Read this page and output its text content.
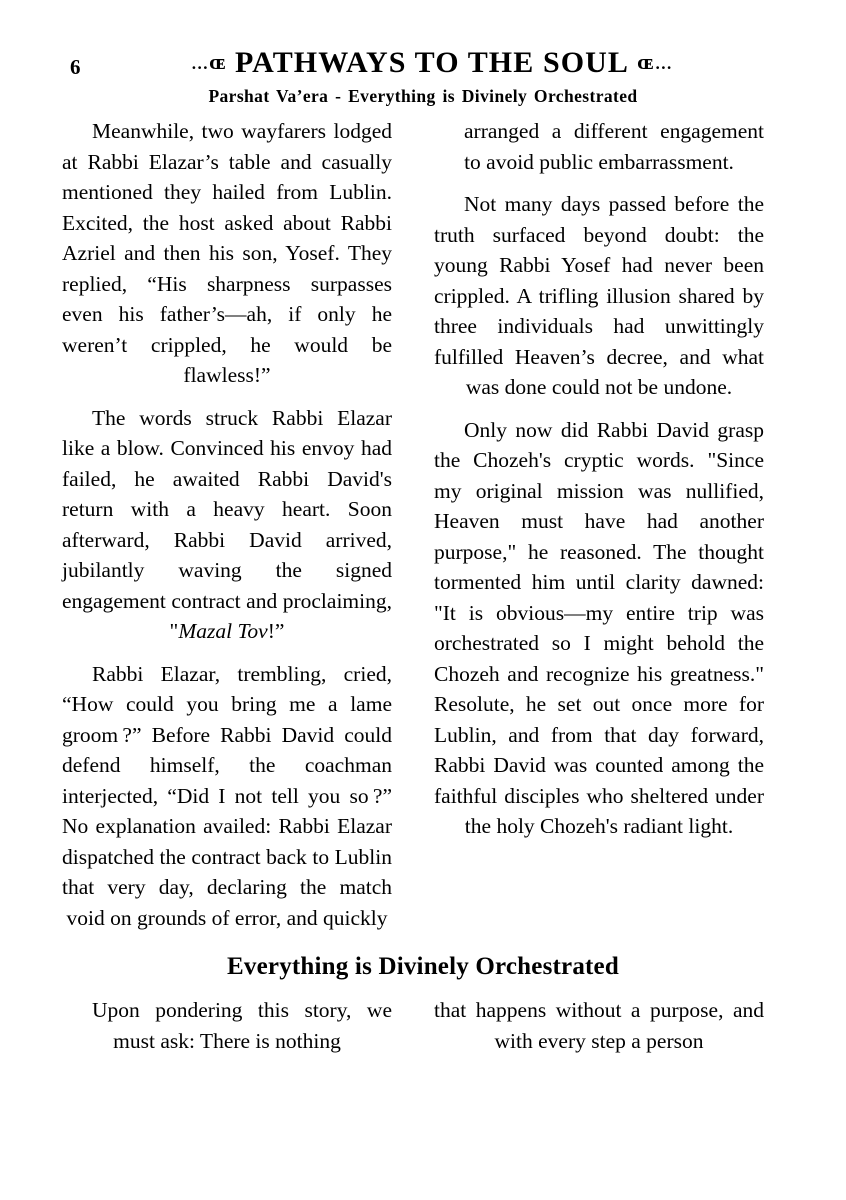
6	…ɶ PATHWAYS TO THE SOUL ɶ…
Parshat Va’era - Everything is Divinely Orchestrated

Meanwhile, two wayfarers lodged at Rabbi Elazar’s table and casually mentioned they hailed from Lublin. Excited, the host asked about Rabbi Azriel and then his son, Yosef. They replied, “His sharpness surpasses even his father’s—ah, if only he weren’t crippled, he would be flawless!”

The words struck Rabbi Elazar like a blow. Convinced his envoy had failed, he awaited Rabbi David's return with a heavy heart. Soon afterward, Rabbi David arrived, jubilantly waving the signed engagement contract and proclaiming, "Mazal Tov!”

Rabbi Elazar, trembling, cried, “How could you bring me a lame groom ?” Before Rabbi David could defend himself, the coachman interjected, “Did I not tell you so ?” No explanation availed: Rabbi Elazar dispatched the contract back to Lublin that very day, declaring the match void on grounds of error, and quickly

arranged a different engagement to avoid public embarrassment.

Not many days passed before the truth surfaced beyond doubt: the young Rabbi Yosef had never been crippled. A trifling illusion shared by three individuals had unwittingly fulfilled Heaven’s decree, and what was done could not be undone.

Only now did Rabbi David grasp the Chozeh's cryptic words. "Since my original mission was nullified, Heaven must have had another purpose," he reasoned. The thought tormented him until clarity dawned: "It is obvious—my entire trip was orchestrated so I might behold the Chozeh and recognize his greatness." Resolute, he set out once more for Lublin, and from that day forward, Rabbi David was counted among the faithful disciples who sheltered under the holy Chozeh's radiant light.

Everything is Divinely Orchestrated

Upon pondering this story, we must ask: There is nothing

that happens without a purpose, and with every step a person
